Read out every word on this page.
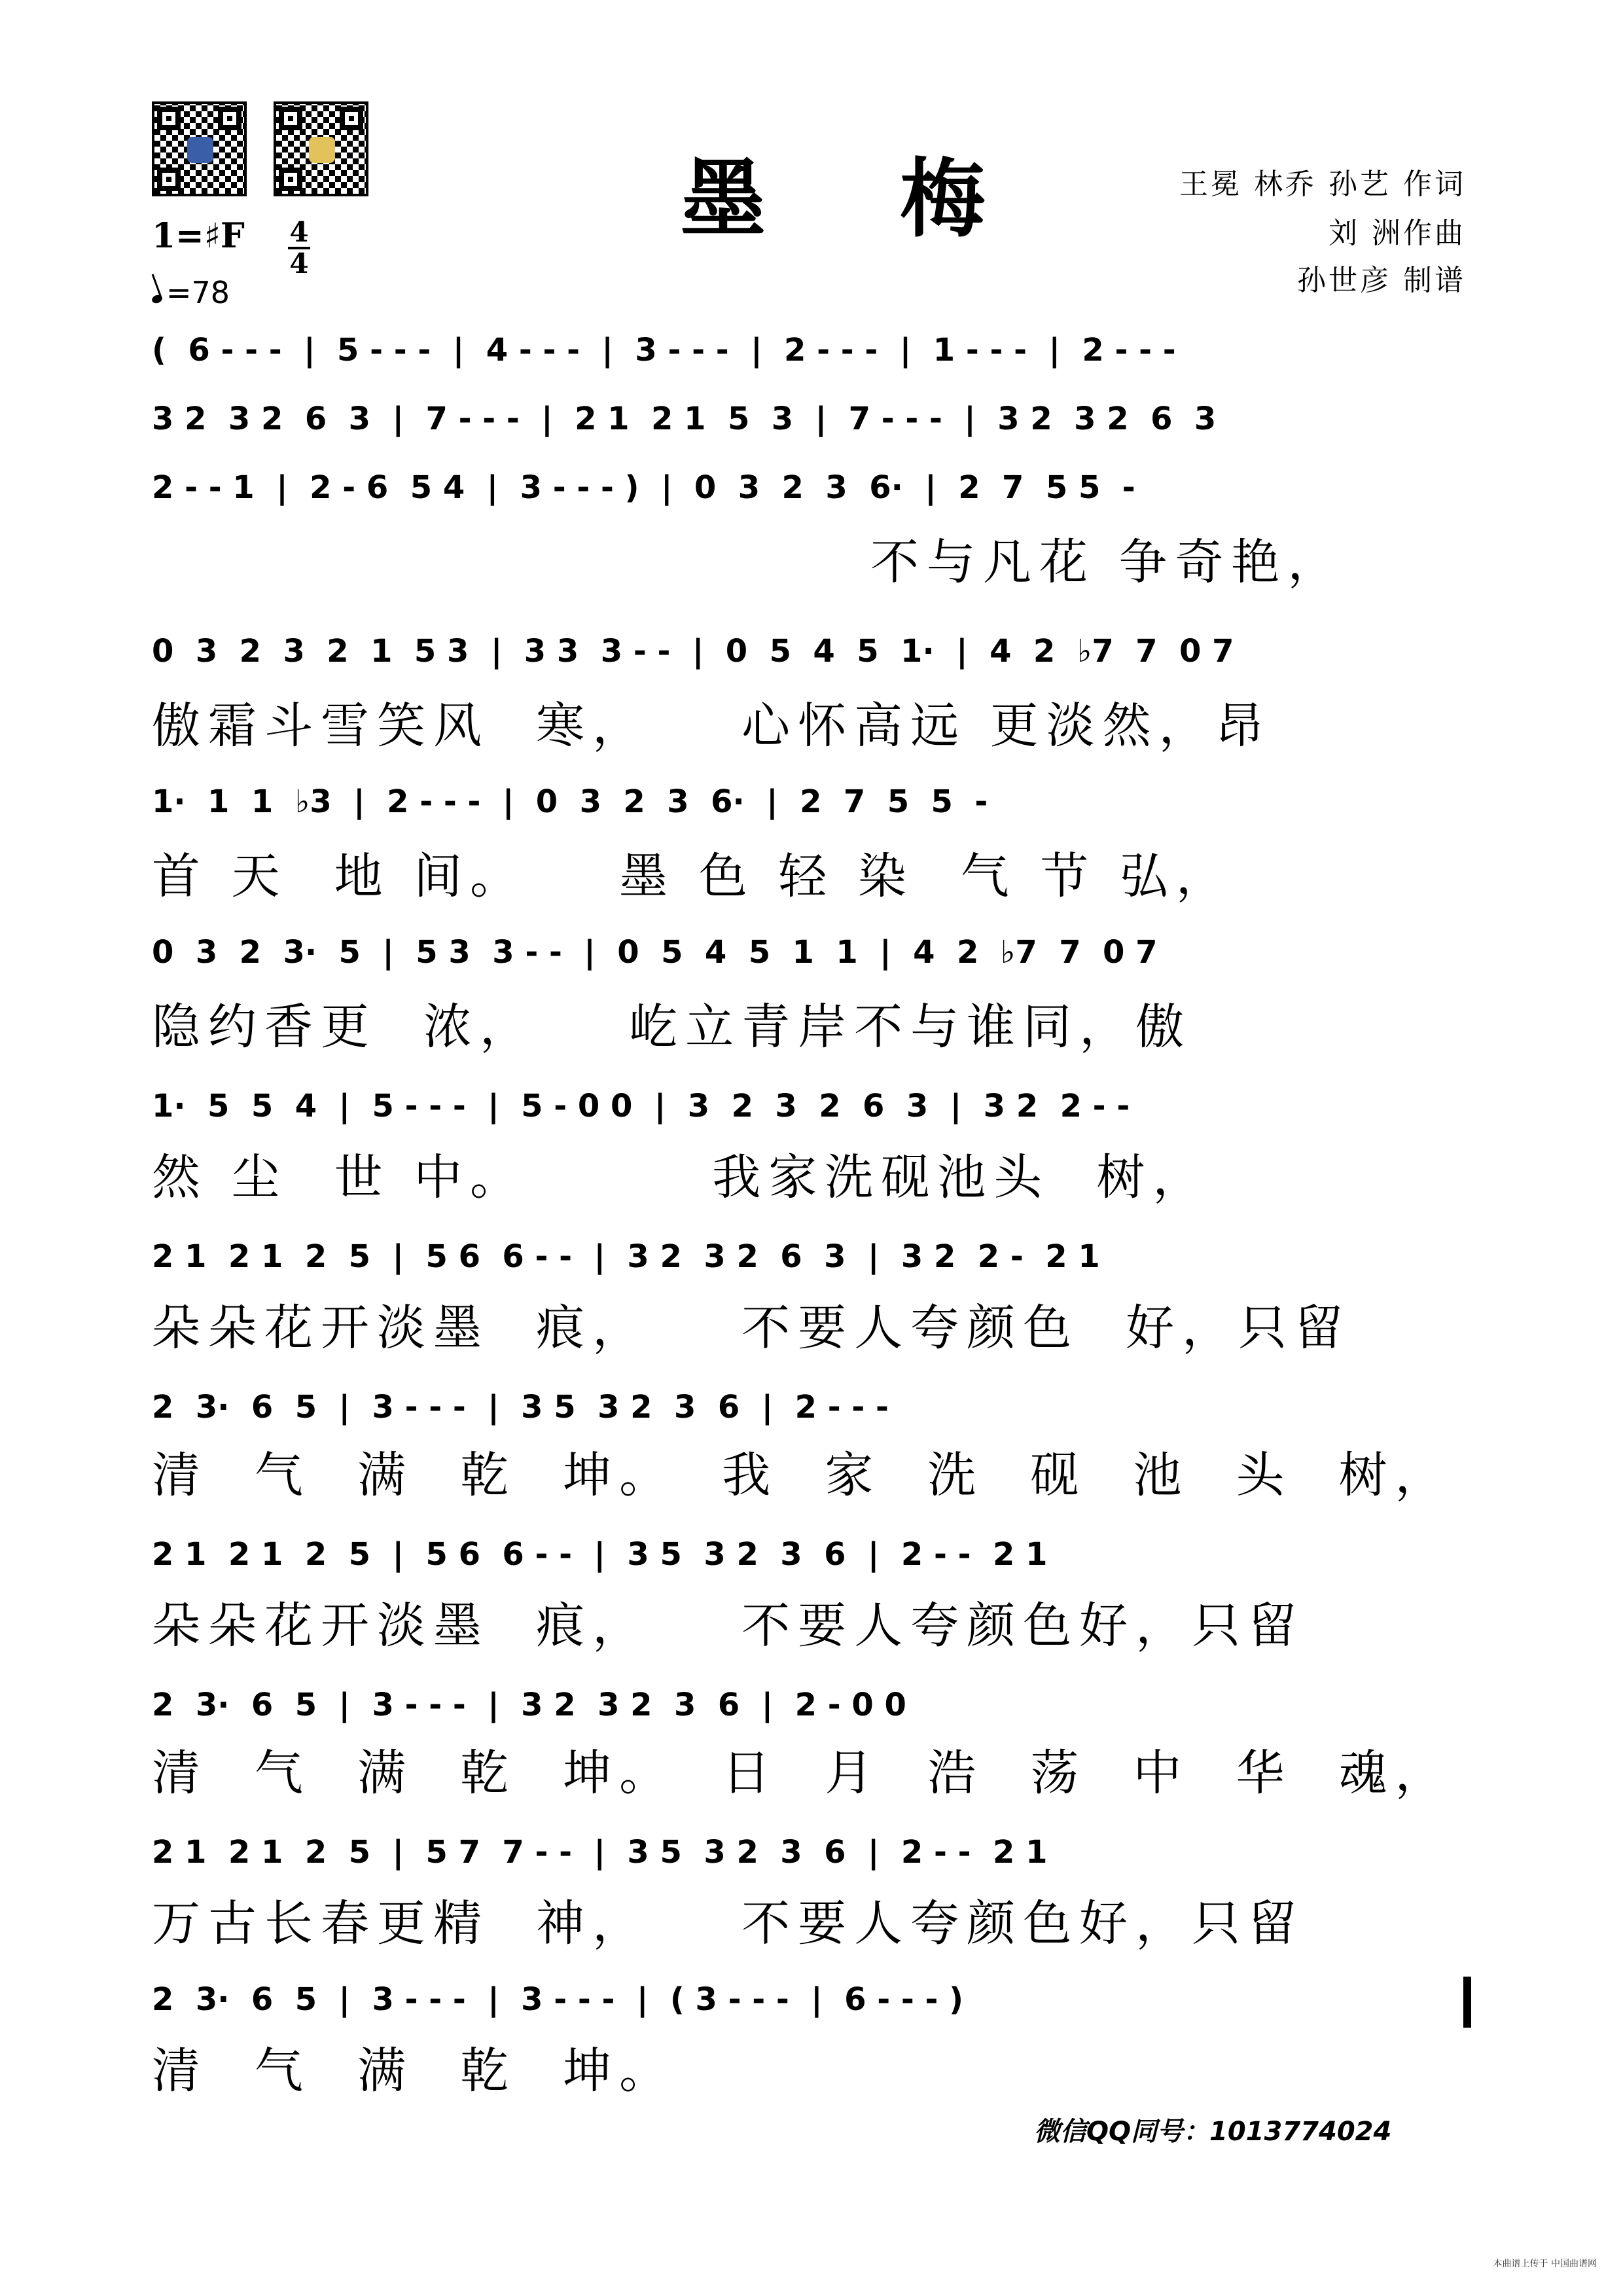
墨 梅	王冕 林乔 孙艺 作词
刘 洲作曲
孙世彦 制谱
1=♯F 4
4
=78
(  6 - - -  |  5 - - -  |  4 - - -  |  3 - - -  |  2 - - -  |  1 - - -  |  2 - - -
3 2  3 2  6  3  |  7 - - -  |  2 1  2 1  5  3  |  7 - - -  |  3 2  3 2  6  3
2 - - 1  |  2 - 6  5 4  |  3 - - - )  |  0  3  2  3  6·  |  2  7  5 5  -
不与凡花 争奇艳，
0  3  2  3  2  1  5 3  |  3 3  3 - -  |  0  5  4  5  1·  |  4  2  ♭7  7  0 7
傲霜斗雪笑风  寒，    心怀高远 更淡然，昂
1·  1  1  ♭3  |  2 - - -  |  0  3  2  3  6·  |  2  7  5  5  -
首 天  地 间。    墨 色 轻 染  气 节 弘，
0  3  2  3·  5  |  5 3  3 - -  |  0  5  4  5  1  1  |  4  2  ♭7  7  0 7
隐约香更  浓，    屹立青岸不与谁同，傲
1·  5  5  4  |  5 - - -  |  5 - 0 0  |  3  2  3  2  6  3  |  3 2  2 - -
然 尘  世 中。        我家洗砚池头  树，
2 1  2 1  2  5  |  5 6  6 - -  |  3 2  3 2  6  3  |  3 2  2 -  2 1
朵朵花开淡墨  痕，    不要人夸颜色  好，只留
2  3·  6  5  |  3 - - -  |  3 5  3 2  3  6  |  2 - - -
清  气  满  乾  坤。  我  家  洗  砚  池  头  树，
2 1  2 1  2  5  |  5 6  6 - -  |  3 5  3 2  3  6  |  2 - -  2 1
朵朵花开淡墨  痕，    不要人夸颜色好，只留
2  3·  6  5  |  3 - - -  |  3 2  3 2  3  6  |  2 - 0 0
清  气  满  乾  坤。  日  月  浩  荡  中  华  魂，
2 1  2 1  2  5  |  5 7  7 - -  |  3 5  3 2  3  6  |  2 - -  2 1
万古长春更精  神，    不要人夸颜色好，只留
2  3·  6  5  |  3 - - -  |  3 - - -  |  ( 3 - - -  |  6 - - - )
清  气  满  乾  坤。
微信QQ同号：1013774024
本曲谱上传于 中国曲谱网
